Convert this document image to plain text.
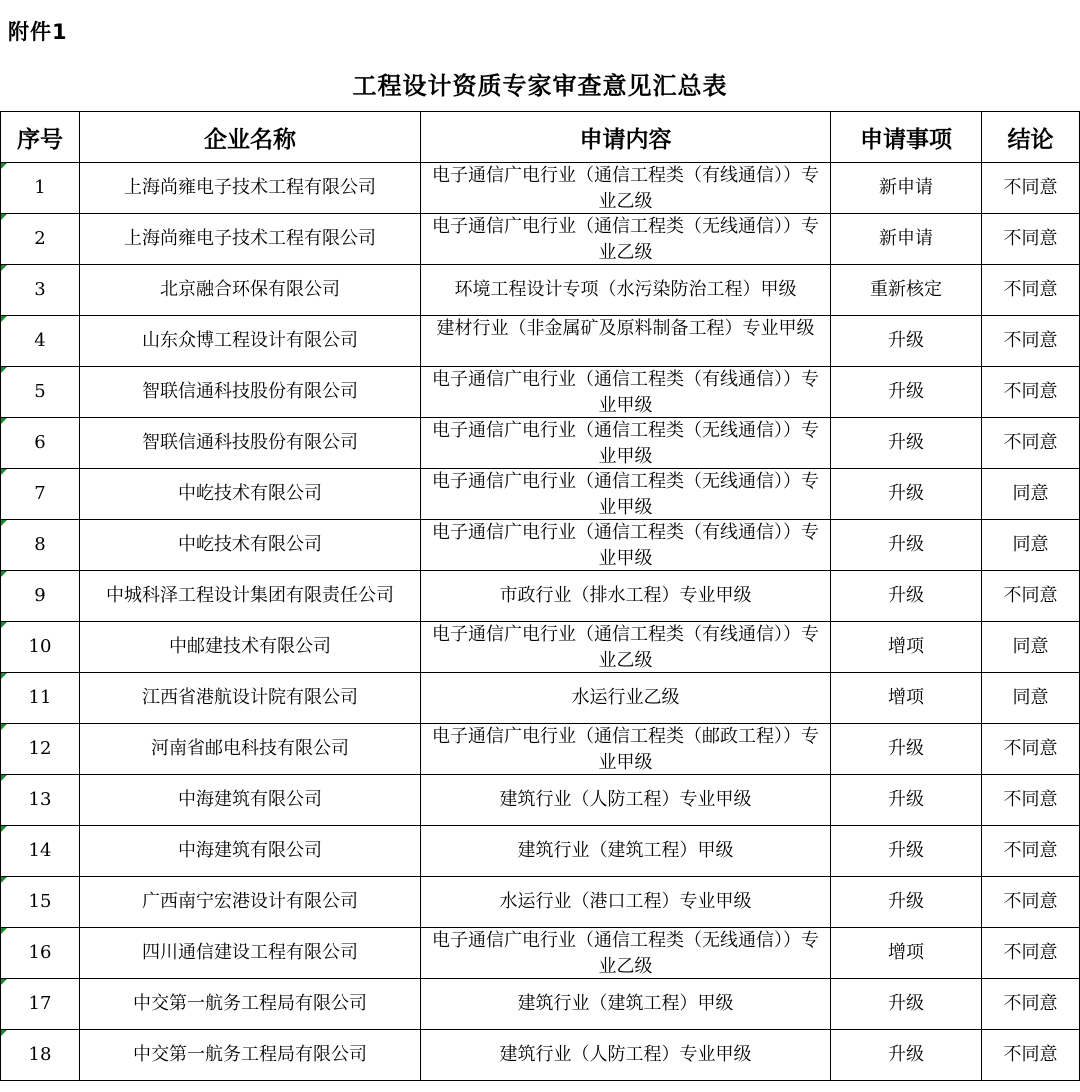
附件1
工程设计资质专家审查意见汇总表
序号	企业名称	申请内容	申请事项	结论

1	上海尚雍电子技术工程有限公司	电子通信广电行业（通信工程类（有线通信））专业乙级	新申请	不同意

2	上海尚雍电子技术工程有限公司	电子通信广电行业（通信工程类（无线通信））专业乙级	新申请	不同意

3	北京融合环保有限公司	环境工程设计专项（水污染防治工程）甲级	重新核定	不同意

4	山东众博工程设计有限公司	建材行业（非金属矿及原料制备工程）专业甲级	升级	不同意

5	智联信通科技股份有限公司	电子通信广电行业（通信工程类（有线通信））专业甲级	升级	不同意

6	智联信通科技股份有限公司	电子通信广电行业（通信工程类（无线通信））专业甲级	升级	不同意

7	中屹技术有限公司	电子通信广电行业（通信工程类（无线通信））专业甲级	升级	同意

8	中屹技术有限公司	电子通信广电行业（通信工程类（有线通信））专业甲级	升级	同意

9	中城科泽工程设计集团有限责任公司	市政行业（排水工程）专业甲级	升级	不同意

10	中邮建技术有限公司	电子通信广电行业（通信工程类（有线通信））专业乙级	增项	同意

11	江西省港航设计院有限公司	水运行业乙级	增项	同意

12	河南省邮电科技有限公司	电子通信广电行业（通信工程类（邮政工程））专业甲级	升级	不同意

13	中海建筑有限公司	建筑行业（人防工程）专业甲级	升级	不同意

14	中海建筑有限公司	建筑行业（建筑工程）甲级	升级	不同意

15	广西南宁宏港设计有限公司	水运行业（港口工程）专业甲级	升级	不同意

16	四川通信建设工程有限公司	电子通信广电行业（通信工程类（无线通信））专业乙级	增项	不同意

17	中交第一航务工程局有限公司	建筑行业（建筑工程）甲级	升级	不同意

18	中交第一航务工程局有限公司	建筑行业（人防工程）专业甲级	升级	不同意
